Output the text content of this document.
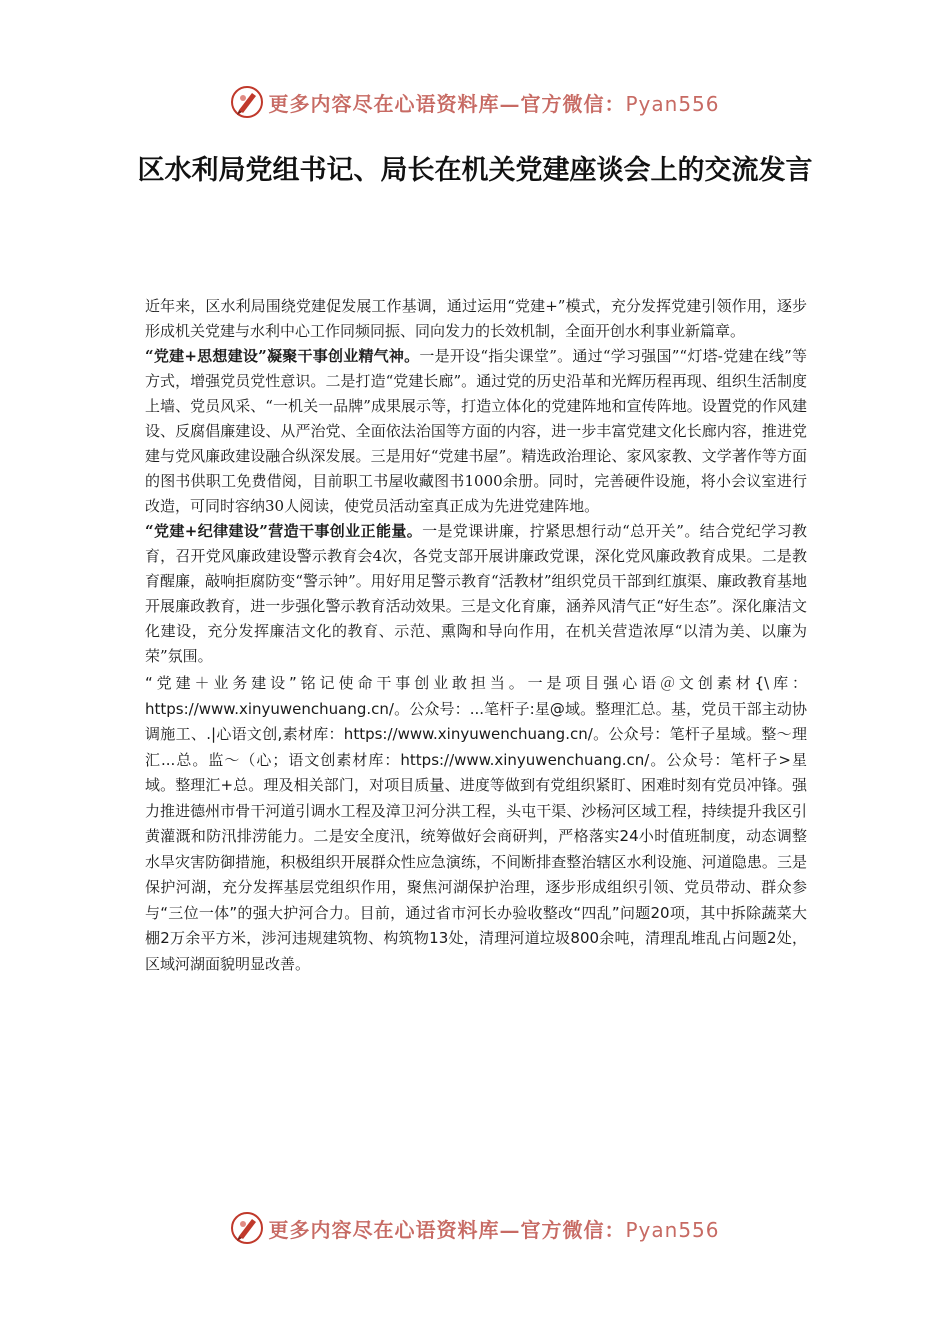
更多内容尽在心语资料库—官方微信：Pyan556
区水利局党组书记、局长在机关党建座谈会上的交流发言

近年来，区水利局围绕党建促发展工作基调，通过运用“党建+”模式，充分发挥党建引领作用，逐步形成机关党建与水利中心工作同频同振、同向发力的长效机制，全面开创水利事业新篇章。

“党建+思想建设”凝聚干事创业精气神。一是开设“指尖课堂”。通过“学习强国”“灯塔-党建在线”等方式，增强党员党性意识。二是打造“党建长廊”。通过党的历史沿革和光辉历程再现、组织生活制度上墙、党员风采、“一机关一品牌”成果展示等，打造立体化的党建阵地和宣传阵地。设置党的作风建设、反腐倡廉建设、从严治党、全面依法治国等方面的内容，进一步丰富党建文化长廊内容，推进党建与党风廉政建设融合纵深发展。三是用好“党建书屋”。精选政治理论、家风家教、文学著作等方面的图书供职工免费借阅，目前职工书屋收藏图书1000余册。同时，完善硬件设施，将小会议室进行改造，可同时容纳30人阅读，使党员活动室真正成为先进党建阵地。

“党建+纪律建设”营造干事创业正能量。一是党课讲廉，拧紧思想行动“总开关”。结合党纪学习教育，召开党风廉政建设警示教育会4次，各党支部开展讲廉政党课，深化党风廉政教育成果。二是教育醒廉，敲响拒腐防变“警示钟”。用好用足警示教育“活教材”组织党员干部到红旗渠、廉政教育基地开展廉政教育，进一步强化警示教育活动效果。三是文化育廉，涵养风清气正“好生态”。深化廉洁文化建设，充分发挥廉洁文化的教育、示范、熏陶和导向作用，在机关营造浓厚“以清为美、以廉为荣”氛围。

“党建＋业务建设”铭记使命干事创业敢担当。一是项目强心语＠文创素材{\库：https://www.xinyuwenchuang.cn/。公众号：...笔杆子:星@域。整理汇总。基，党员干部主动协调施工、.|心语文创,素材库：https://www.xinyuwenchuang.cn/。公众号：笔杆子星域。整～理汇...总。监～（心；语文创素材库：https://www.xinyuwenchuang.cn/。公众号：笔杆子>星域。整理汇+总。理及相关部门，对项目质量、进度等做到有党组织紧盯、困难时刻有党员冲锋。强力推进德州市骨干河道引调水工程及漳卫河分洪工程，头屯干渠、沙杨河区域工程，持续提升我区引黄灌溉和防汛排涝能力。二是安全度汛，统筹做好会商研判，严格落实24小时值班制度，动态调整水旱灾害防御措施，积极组织开展群众性应急演练，不间断排查整治辖区水利设施、河道隐患。三是保护河湖，充分发挥基层党组织作用，聚焦河湖保护治理，逐步形成组织引领、党员带动、群众参与“三位一体”的强大护河合力。目前，通过省市河长办验收整改“四乱”问题20项，其中拆除蔬菜大棚2万余平方米，涉河违规建筑物、构筑物13处，清理河道垃圾800余吨，清理乱堆乱占问题2处，区域河湖面貌明显改善。

更多内容尽在心语资料库—官方微信：Pyan556
